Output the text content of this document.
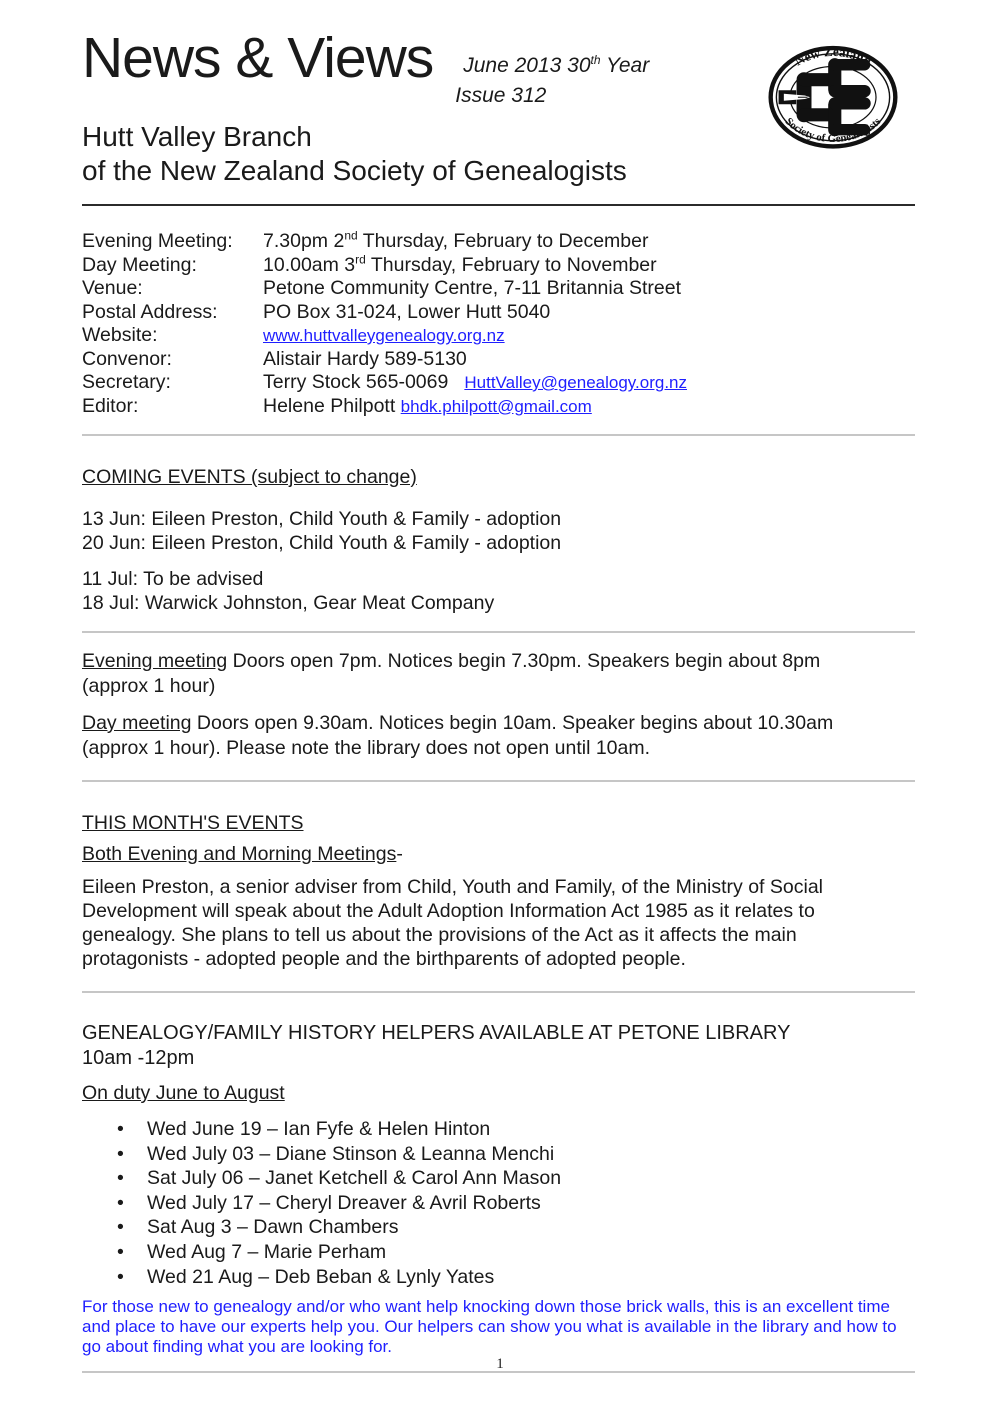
News & Views June 2013 30th Year
Issue 312
Hutt Valley Branch
of the New Zealand Society of Genealogists
New Zealand
Society of Genealogists
Evening Meeting:	7.30pm 2nd Thursday, February to December
Day Meeting:	10.00am 3rd Thursday, February to November
Venue:	Petone Community Centre, 7-11 Britannia Street
Postal Address:	PO Box 31-024, Lower Hutt 5040
Website:	www.huttvalleygenealogy.org.nz
Convenor:	Alistair Hardy 589-5130
Secretary:	Terry Stock 565-0069 HuttValley@genealogy.org.nz
Editor:	Helene Philpott bhdk.philpott@gmail.com
COMING EVENTS (subject to change)
13 Jun: Eileen Preston, Child Youth & Family - adoption
20 Jun: Eileen Preston, Child Youth & Family - adoption
11 Jul: To be advised
18 Jul: Warwick Johnston, Gear Meat Company

Evening meeting Doors open 7pm. Notices begin 7.30pm. Speakers begin about 8pm (approx 1 hour)

Day meeting Doors open 9.30am. Notices begin 10am. Speaker begins about 10.30am (approx 1 hour). Please note the library does not open until 10am.

THIS MONTH'S EVENTS
Both Evening and Morning Meetings-

Eileen Preston, a senior adviser from Child, Youth and Family, of the Ministry of Social Development will speak about the Adult Adoption Information Act 1985 as it relates to genealogy. She plans to tell us about the provisions of the Act as it affects the main protagonists - adopted people and the birthparents of adopted people.

GENEALOGY/FAMILY HISTORY HELPERS AVAILABLE AT PETONE LIBRARY
10am -12pm
On duty June to August
•	Wed June 19 – Ian Fyfe & Helen Hinton
•	Wed July 03 – Diane Stinson & Leanna Menchi
•	Sat July 06 – Janet Ketchell & Carol Ann Mason
•	Wed July 17 – Cheryl Dreaver & Avril Roberts
•	Sat Aug 3 – Dawn Chambers
•	Wed Aug 7 – Marie Perham
•	Wed 21 Aug – Deb Beban & Lynly Yates

For those new to genealogy and/or who want help knocking down those brick walls, this is an excellent time and place to have our experts help you. Our helpers can show you what is available in the library and how to go about finding what you are looking for.

1
